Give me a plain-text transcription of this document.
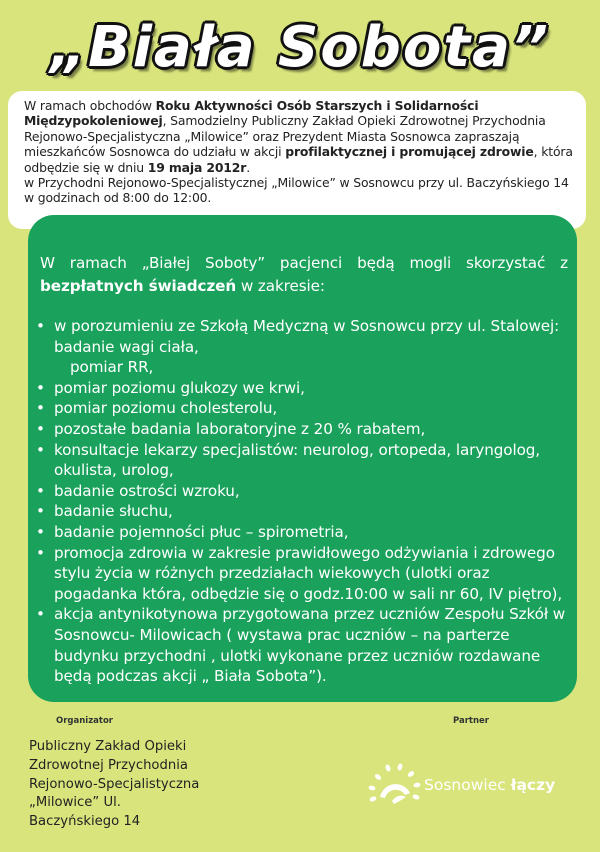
„Biała Sobota”
W ramach obchodów Roku Aktywności Osób Starszych i Solidarności Międzypokoleniowej, Samodzielny Publiczny Zakład Opieki Zdrowotnej Przychodnia Rejonowo-Specjalistyczna „Milowice” oraz Prezydent Miasta Sosnowca zapraszają mieszkańców Sosnowca do udziału w akcji profilaktycznej i promującej zdrowie, która odbędzie się w dniu 19 maja 2012r.
w Przychodni Rejonowo-Specjalistycznej „Milowice” w Sosnowcu przy ul. Baczyńskiego 14 w godzinach od 8:00 do 12:00.
W ramach „Białej Soboty” pacjenci będą mogli skorzystać z bezpłatnych świadczeń w zakresie:
• w porozumieniu ze Szkołą Medyczną w Sosnowcu przy ul. Stalowej: badanie wagi ciała,
pomiar RR,
• pomiar poziomu glukozy we krwi,
• pomiar poziomu cholesterolu,
• pozostałe badania laboratoryjne z 20 % rabatem,
• konsultacje lekarzy specjalistów: neurolog, ortopeda, laryngolog, okulista, urolog,
• badanie ostrości wzroku,
• badanie słuchu,
• badanie pojemności płuc – spirometria,
• promocja zdrowia w zakresie prawidłowego odżywiania i zdrowego stylu życia w różnych przedziałach wiekowych (ulotki oraz pogadanka która, odbędzie się o godz.10:00 w sali nr 60, IV piętro),
• akcja antynikotynowa przygotowana przez uczniów Zespołu Szkół w Sosnowcu- Milowicach ( wystawa prac uczniów – na parterze budynku przychodni , ulotki wykonane przez uczniów rozdawane będą podczas akcji „ Biała Sobota”).
Organizator	Partner
Publiczny Zakład Opieki
Zdrowotnej Przychodnia
Rejonowo-Specjalistyczna
„Milowice” Ul.
Baczyńskiego 14
Sosnowiec łączy
